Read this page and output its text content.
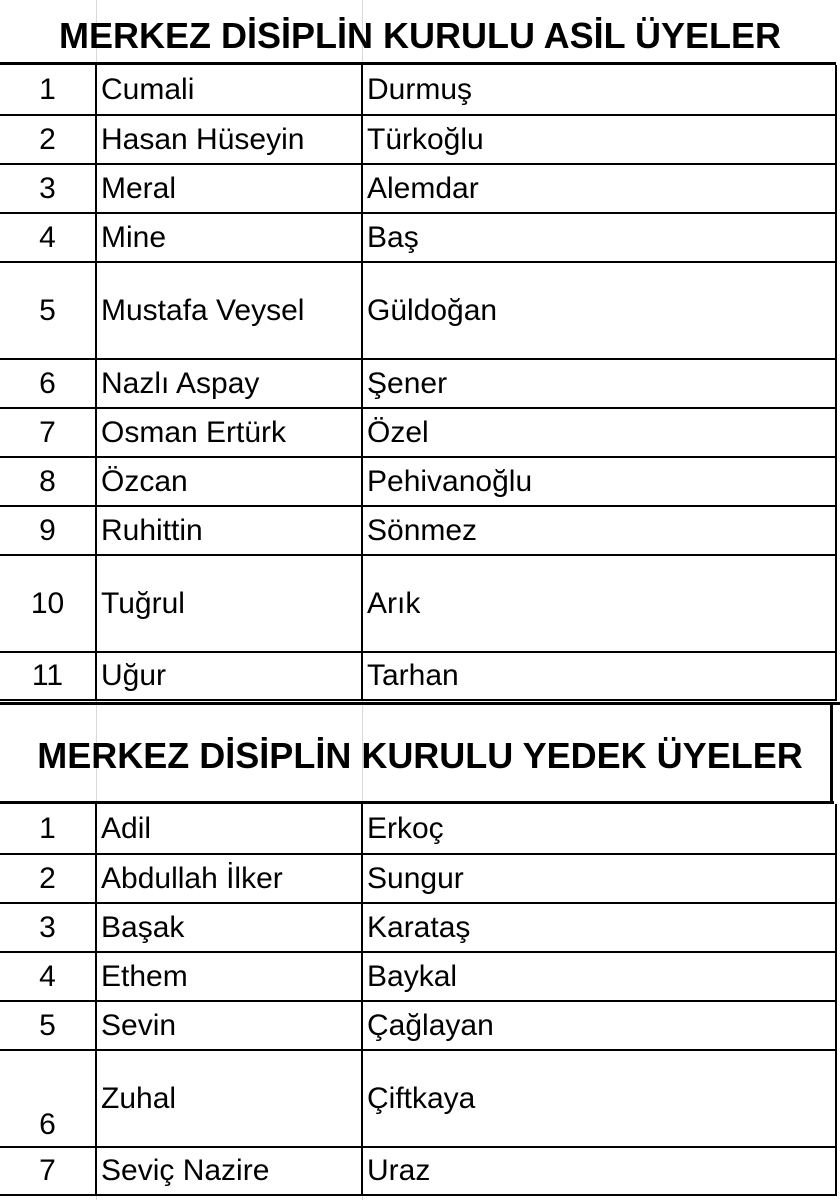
MERKEZ DİSİPLİN KURULU ASİL ÜYELER
1	Cumali	Durmuş
2	Hasan Hüseyin	Türkoğlu
3	Meral	Alemdar
4	Mine	Baş
5	Mustafa Veysel	Güldoğan
6	Nazlı Aspay	Şener
7	Osman Ertürk	Özel
8	Özcan	Pehivanoğlu
9	Ruhittin	Sönmez
10	Tuğrul	Arık
11	Uğur	Tarhan
MERKEZ DİSİPLİN KURULU YEDEK ÜYELER
1	Adil	Erkoç
2	Abdullah İlker	Sungur
3	Başak	Karataş
4	Ethem	Baykal
5	Sevin	Çağlayan
6	Zuhal	Çiftkaya
7	Seviç Nazire	Uraz
